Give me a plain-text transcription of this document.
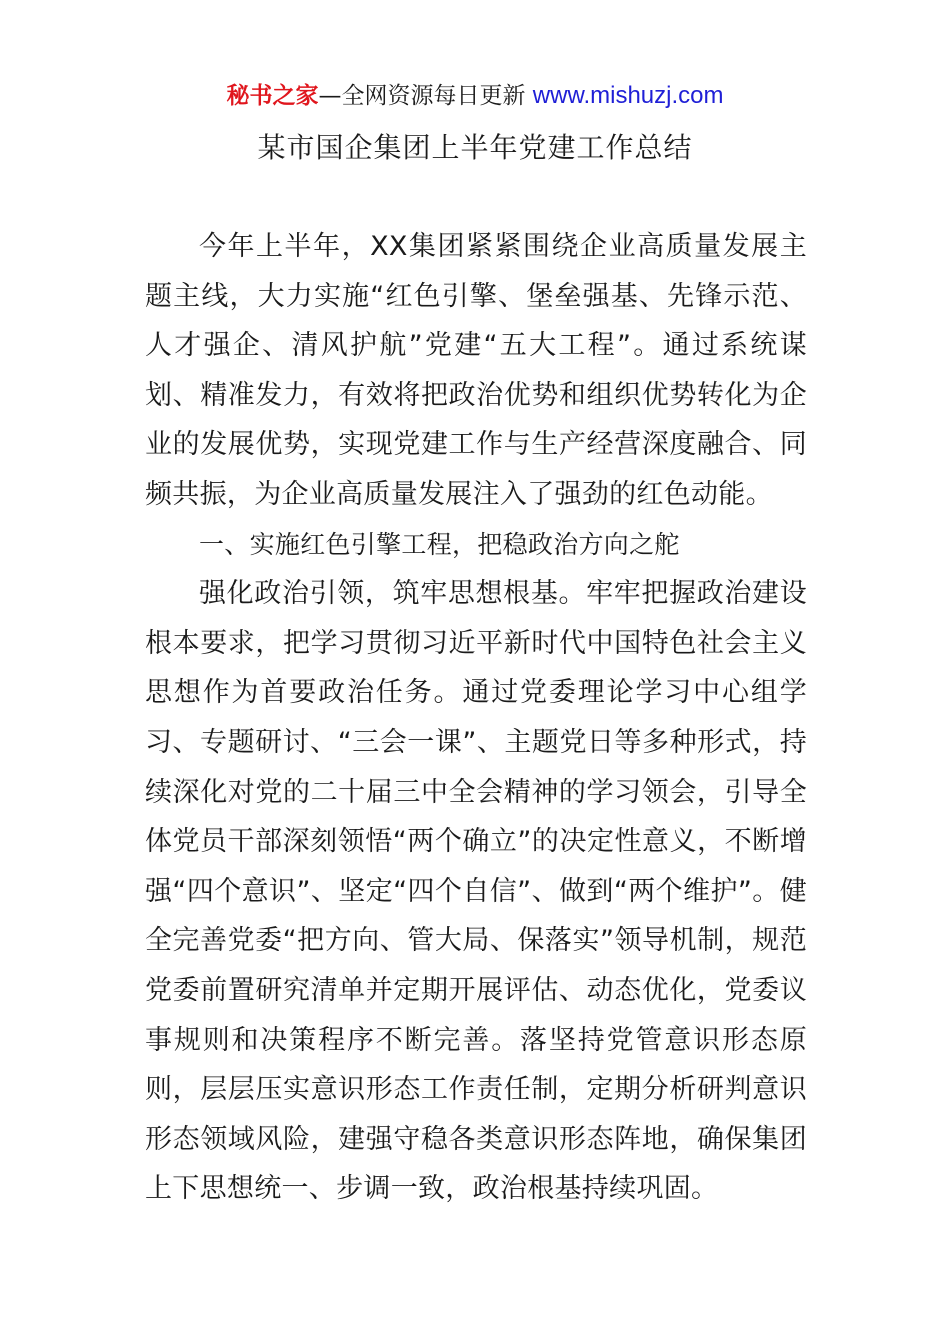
秘书之家—全网资源每日更新 www.mishuzj.com
某市国企集团上半年党建工作总结

今年上半年，XX集团紧紧围绕企业高质量发展主题主线，大力实施“红色引擎、堡垒强基、先锋示范、人才强企、清风护航”党建“五大工程”。通过系统谋划、精准发力，有效将把政治优势和组织优势转化为企业的发展优势，实现党建工作与生产经营深度融合、同频共振，为企业高质量发展注入了强劲的红色动能。

一、实施红色引擎工程，把稳政治方向之舵

强化政治引领，筑牢思想根基。牢牢把握政治建设根本要求，把学习贯彻习近平新时代中国特色社会主义思想作为首要政治任务。通过党委理论学习中心组学习、专题研讨、“三会一课”、主题党日等多种形式，持续深化对党的二十届三中全会精神的学习领会，引导全体党员干部深刻领悟“两个确立”的决定性意义，不断增强“四个意识”、坚定“四个自信”、做到“两个维护”。健全完善党委“把方向、管大局、保落实”领导机制，规范党委前置研究清单并定期开展评估、动态优化，党委议事规则和决策程序不断完善。落坚持党管意识形态原则，层层压实意识形态工作责任制，定期分析研判意识形态领域风险，建强守稳各类意识形态阵地，确保集团上下思想统一、步调一致，政治根基持续巩固。
